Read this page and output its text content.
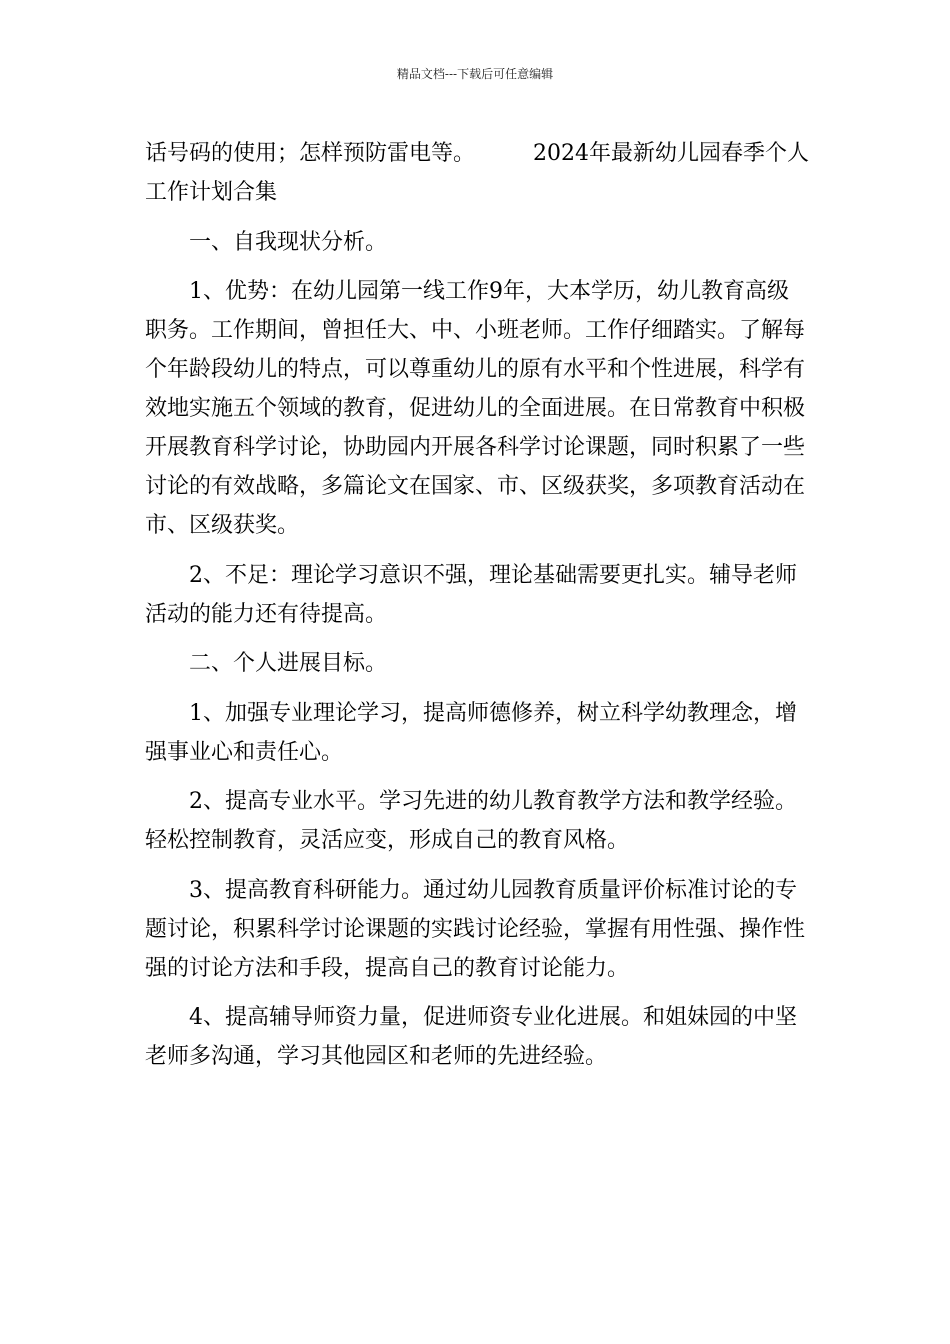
精品文档---下载后可任意编辑

话号码的使用；怎样预防雷电等。	2024年最新幼儿园春季个人工作计划合集

一、自我现状分析。

1、优势：在幼儿园第一线工作9年，大本学历，幼儿教育高级职务。工作期间，曾担任大、中、小班老师。工作仔细踏实。了解每个年龄段幼儿的特点，可以尊重幼儿的原有水平和个性进展，科学有效地实施五个领域的教育，促进幼儿的全面进展。在日常教育中积极开展教育科学讨论，协助园内开展各科学讨论课题，同时积累了一些讨论的有效战略，多篇论文在国家、市、区级获奖，多项教育活动在市、区级获奖。

2、不足：理论学习意识不强，理论基础需要更扎实。辅导老师活动的能力还有待提高。

二、个人进展目标。

1、加强专业理论学习，提高师德修养，树立科学幼教理念，增强事业心和责任心。

2、提高专业水平。学习先进的幼儿教育教学方法和教学经验。轻松控制教育，灵活应变，形成自己的教育风格。

3、提高教育科研能力。通过幼儿园教育质量评价标准讨论的专题讨论，积累科学讨论课题的实践讨论经验，掌握有用性强、操作性强的讨论方法和手段，提高自己的教育讨论能力。

4、提高辅导师资力量，促进师资专业化进展。和姐妹园的中坚老师多沟通，学习其他园区和老师的先进经验。
